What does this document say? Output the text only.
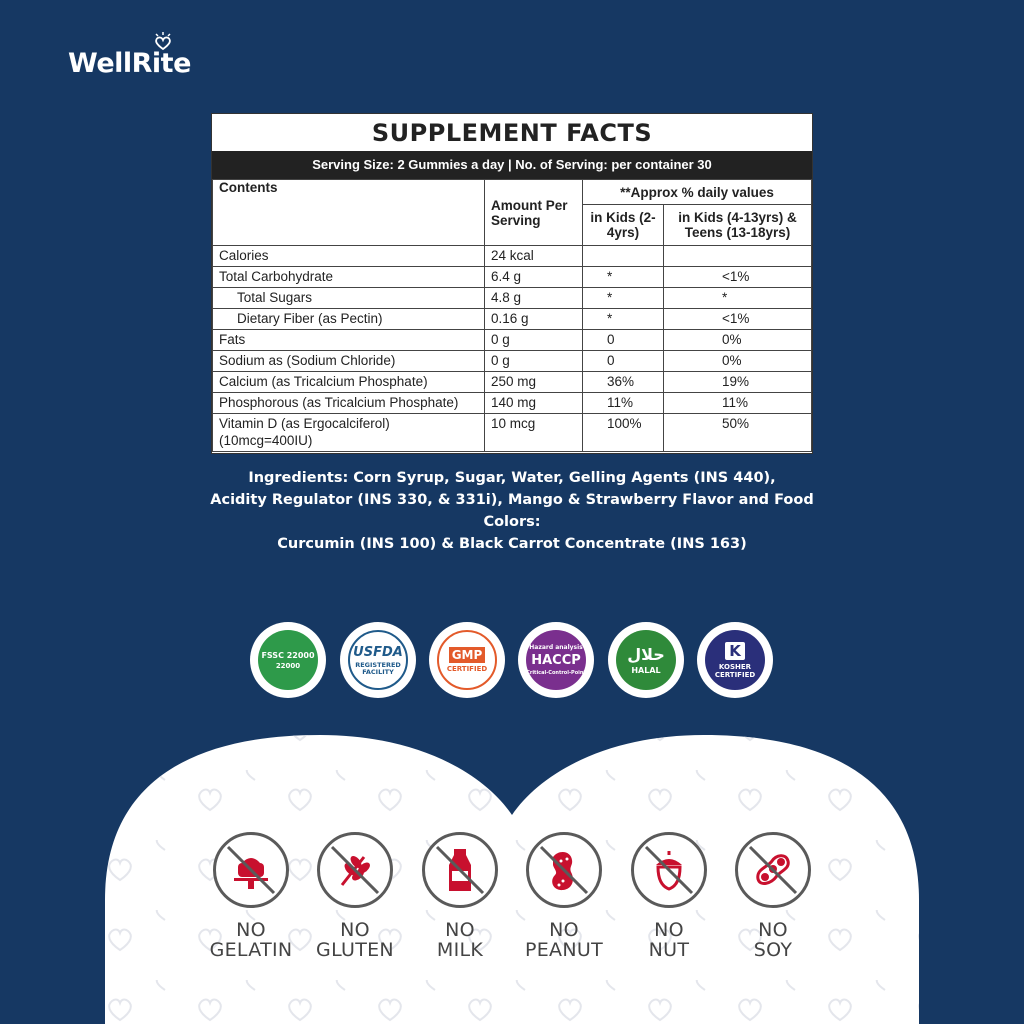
WellRite
SUPPLEMENT FACTS
Serving Size: 2 Gummies a day | No. of Serving: per container 30
Contents	Amount Per Serving	**Approx % daily values	
		in Kids (2-4yrs)	in Kids (4-13yrs) & Teens (13-18yrs)
Calories	24 kcal		
Total Carbohydrate	6.4 g	*	<1%
Total Sugars	4.8 g	*	*
Dietary Fiber (as Pectin)	0.16 g	*	<1%
Fats	0 g	0	0%
Sodium as (Sodium Chloride)	0 g	0	0%
Calcium (as Tricalcium Phosphate)	250 mg	36%	19%
Phosphorous (as Tricalcium Phosphate)	140 mg	11%	11%
Vitamin D (as Ergocalciferol) (10mcg=400IU)	10 mcg	100%	50%
Ingredients: Corn Syrup, Sugar, Water, Gelling Agents (INS 440),
Acidity Regulator (INS 330, & 331i), Mango & Strawberry Flavor and Food Colors:
Curcumin (INS 100) & Black Carrot Concentrate (INS 163)
FSSC 22000
22000
USFDA
REGISTERED FACILITY
GMP
CERTIFIED
Hazard analysis
HACCP
Critical-Control-Point
حلال
HALAL
K
KOSHER CERTIFIED
NO
GELATIN
NO
GLUTEN
NO
MILK
NO
PEANUT
NO
NUT
NO
SOY
